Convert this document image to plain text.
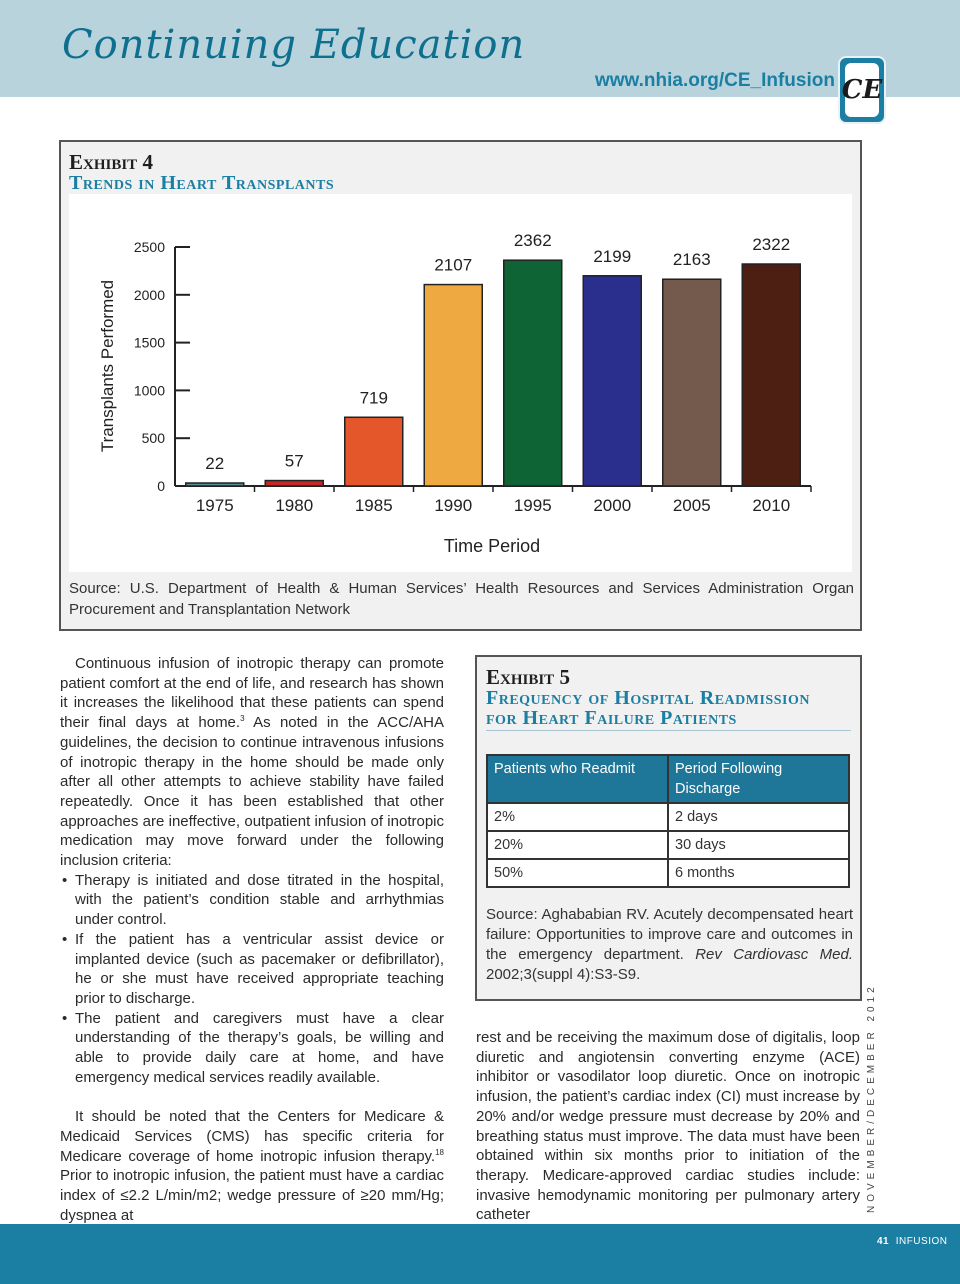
Continuing Education
www.nhia.org/CE_Infusion CE
Exhibit 4
Trends in Heart Transplants
0
500
1000
1500
2000
2500
Transplants Performed
22
1975
57
1980
719
1985
2107
1990
2362
1995
2199
2000
2163
2005
2322
2010
Time Period
Source: U.S. Department of Health & Human Services’ Health Resources and Services Administration Organ Procurement and Transplantation Network
Exhibit 5
Frequency of Hospital Readmission
for Heart Failure Patients
Patients who Readmit	Period Following Discharge
2%	2 days
20%	30 days
50%	6 months
Source: Aghababian RV. Acutely decompensated heart failure: Opportunities to improve care and outcomes in the emergency department. Rev Cardiovasc Med. 2002;3(suppl 4):S3-S9.

Continuous infusion of inotropic therapy can promote patient comfort at the end of life, and research has shown it increases the likelihood that these patients can spend their final days at home.$^3$ As noted in the ACC/AHA guidelines, the decision to continue intravenous infusions of inotropic therapy in the home should be made only after all other attempts to achieve stability have failed repeatedly. Once it has been established that other approaches are ineffective, outpatient infusion of inotropic medication may move forward under the following inclusion criteria:

• Therapy is initiated and dose titrated in the hospital, with the patient’s condition stable and arrhythmias under control.
• If the patient has a ventricular assist device or implanted device (such as pacemaker or defibrillator), he or she must have received appropriate teaching prior to discharge.
• The patient and caregivers must have a clear understanding of the therapy’s goals, be willing and able to provide daily care at home, and have emergency medical services readily available.

It should be noted that the Centers for Medicare & Medicaid Services (CMS) has specific criteria for Medicare coverage of home inotropic infusion therapy.$^{18}$ Prior to inotropic infusion, the patient must have a cardiac index of ≤2.2 L/min/m2; wedge pressure of ≥20 mm/Hg; dyspnea at

rest and be receiving the maximum dose of digitalis, loop diuretic and angiotensin converting enzyme (ACE) inhibitor or vasodilator loop diuretic. Once on inotropic infusion, the patient’s cardiac index (CI) must increase by 20% and/or wedge pressure must decrease by 20% and breathing status must improve. The data must have been obtained within six months prior to initiation of the therapy. Medicare-approved cardiac studies include: invasive hemodynamic monitoring per pulmonary artery catheter

NOVEMBER/DECEMBER 2012
41 INFUSION
